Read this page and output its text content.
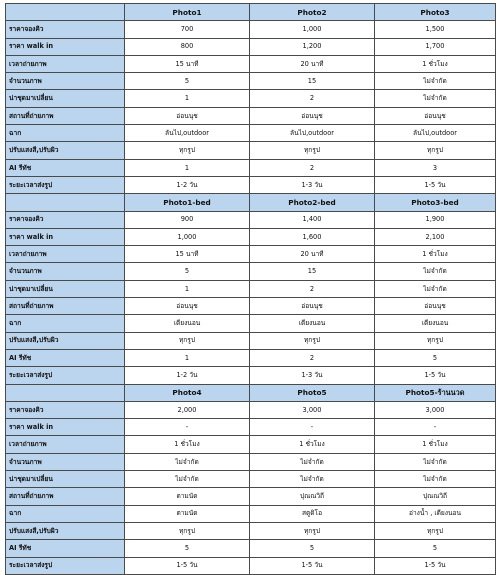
	Photo1	Photo2	Photo3
ราคาจองคิว	700	1,000	1,500
ราคา walk in	800	1,200	1,700
เวลาถ่ายภาพ	15 นาที	20 นาที	1 ชั่วโมง
จำนวนภาพ	5	15	ไม่จำกัด
น่าชุดมาเปลี่ยน	1	2	ไม่จำกัด
สถานที่ถ่ายภาพ	อ่อนนุช	อ่อนนุช	อ่อนนุช
ฉาก	ลันไป,outdoor	ลันไป,outdoor	ลันไป,outdoor
ปรับแสงสี,ปรับผิว	ทุกรูป	ทุกรูป	ทุกรูป
AI รีทัช	1	2	3
ระยะเวลาส่งรูป	1-2 วัน	1-3 วัน	1-5 วัน
	Photo1-bed	Photo2-bed	Photo3-bed
ราคาจองคิว	900	1,400	1,900
ราคา walk in	1,000	1,600	2,100
เวลาถ่ายภาพ	15 นาที	20 นาที	1 ชั่วโมง
จำนวนภาพ	5	15	ไม่จำกัด
น่าชุดมาเปลี่ยน	1	2	ไม่จำกัด
สถานที่ถ่ายภาพ	อ่อนนุช	อ่อนนุช	อ่อนนุช
ฉาก	เตียงนอน	เตียงนอน	เตียงนอน
ปรับแสงสี,ปรับผิว	ทุกรูป	ทุกรูป	ทุกรูป
AI รีทัช	1	2	5
ระยะเวลาส่งรูป	1-2 วัน	1-3 วัน	1-5 วัน
	Photo4	Photo5	Photo5-ร้านนวด
ราคาจองคิว	2,000	3,000	3,000
ราคา walk in	-	-	-
เวลาถ่ายภาพ	1 ชั่วโมง	1 ชั่วโมง	1 ชั่วโมง
จำนวนภาพ	ไม่จำกัด	ไม่จำกัด	ไม่จำกัด
น่าชุดมาเปลี่ยน	ไม่จำกัด	ไม่จำกัด	ไม่จำกัด
สถานที่ถ่ายภาพ	ตามนัด	ปุณณวิถี	ปุณณวิถี
ฉาก	ตามนัด	สตูดิโอ	อ่างน้ำ , เตียงนอน
ปรับแสงสี,ปรับผิว	ทุกรูป	ทุกรูป	ทุกรูป
AI รีทัช	5	5	5
ระยะเวลาส่งรูป	1-5 วัน	1-5 วัน	1-5 วัน
